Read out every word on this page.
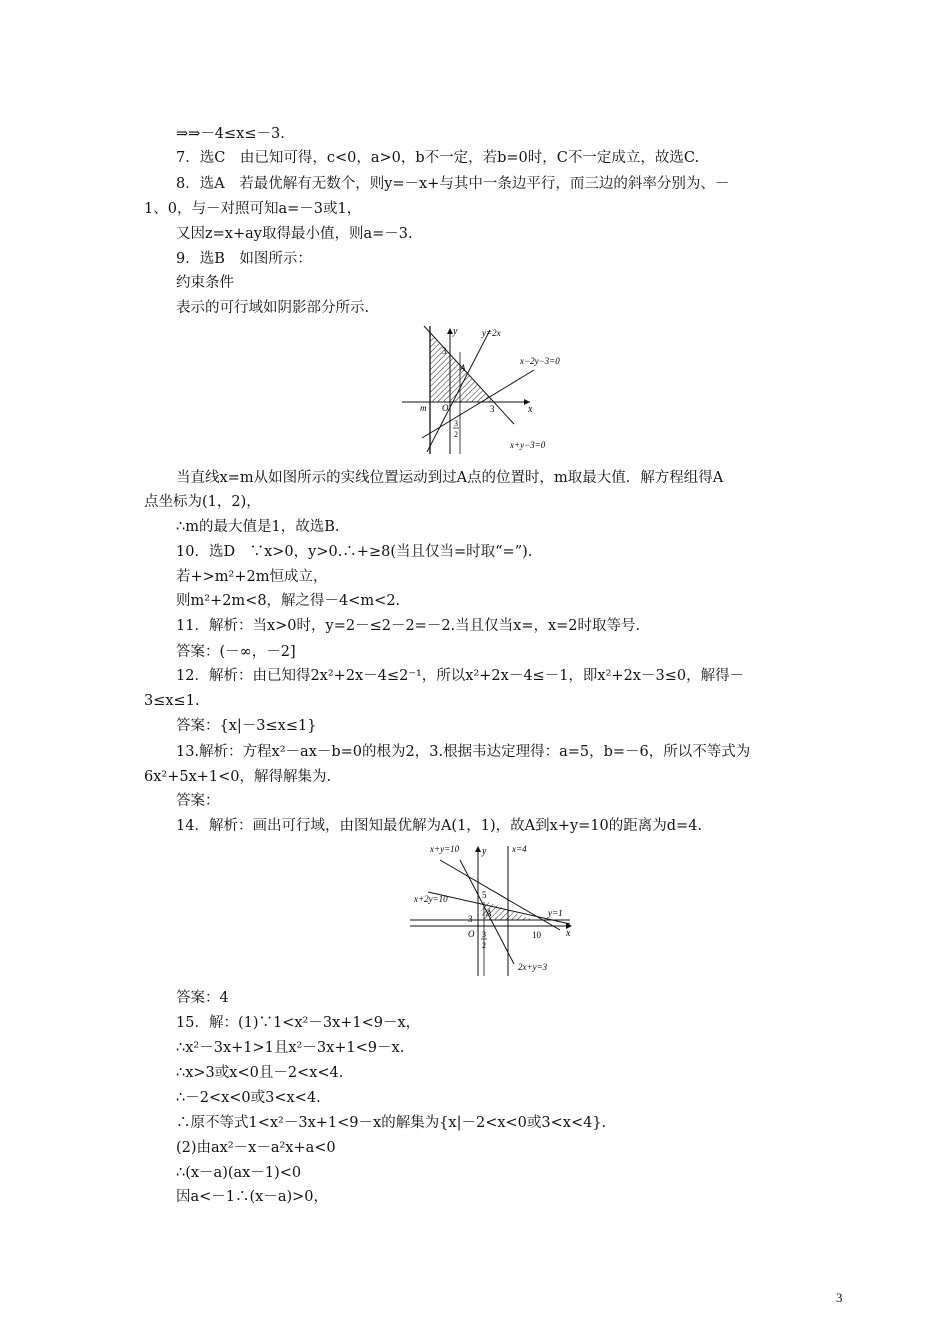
⇒⇒－4≤x≤－3.
7．选C　由已知可得，c<0，a>0，b不一定，若b=0时，C不一定成立，故选C.
8．选A　若最优解有无数个，则y=－x+与其中一条边平行，而三边的斜率分别为、－
1、0，与－对照可知a=－3或1，
又因z=x+ay取得最小值，则a=－3.
9．选B　如图所示：
约束条件
表示的可行域如阴影部分所示.
y=2x
x−2y−3=0
x+y−3=0
y
x
A
m O
3
3
3
2
当直线x=m从如图所示的实线位置运动到过A点的位置时，m取最大值．解方程组得A
点坐标为(1，2)，
∴m的最大值是1，故选B.
10．选D　∵x>0，y>0.∴+≥8(当且仅当=时取“=”).
若+>m²+2m恒成立，
则m²+2m<8，解之得－4<m<2.
11．解析：当x>0时，y=2－≤2－2=－2.当且仅当x=，x=2时取等号.
答案：(－∞，－2]
12．解析：由已知得2x²+2x－4≤2⁻¹，所以x²+2x－4≤－1，即x²+2x－3≤0，解得－
3≤x≤1.
答案：{x|－3≤x≤1}
13.解析：方程x²－ax－b=0的根为2，3.根据韦达定理得：a=5，b=－6，所以不等式为
6x²+5x+1<0，解得解集为.
答案：
14．解析：画出可行域，由图知最优解为A(1，1)，故A到x+y=10的距离为d=4.
x+y=10 y	x=4
x+2y=10	5
A
3
y=1
O 3
2
10	x
2x+y=3
答案：4
15．解：(1)∵1<x²－3x+1<9－x，
∴x²－3x+1>1且x²－3x+1<9－x.
∴x>3或x<0且－2<x<4.
∴－2<x<0或3<x<4.
∴原不等式1<x²－3x+1<9－x的解集为{x|－2<x<0或3<x<4}.
(2)由ax²－x－a²x+a<0
∴(x－a)(ax－1)<0
因a<－1∴(x－a)>0，
3
